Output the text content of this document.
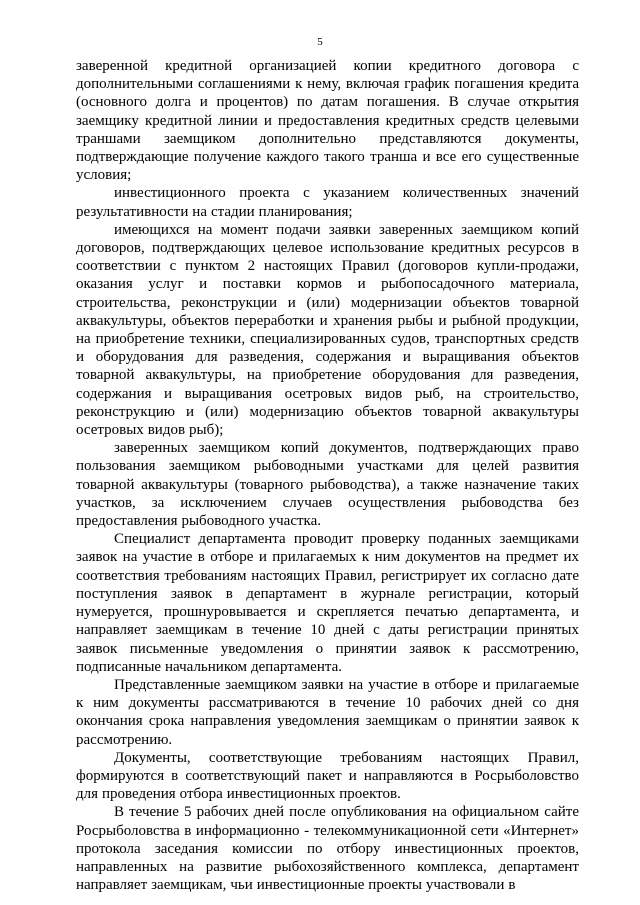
5

заверенной кредитной организацией копии кредитного договора с дополнительными соглашениями к нему, включая график погашения кредита (основного долга и процентов) по датам погашения. В случае открытия заемщику кредитной линии и предоставления кредитных средств целевыми траншами заемщиком дополнительно представляются документы, подтверждающие получение каждого такого транша и все его существенные условия;

инвестиционного проекта с указанием количественных значений результативности на стадии планирования;

имеющихся на момент подачи заявки заверенных заемщиком копий договоров, подтверждающих целевое использование кредитных ресурсов в соответствии с пунктом 2 настоящих Правил (договоров купли-продажи, оказания услуг и поставки кормов и рыбопосадочного материала, строительства, реконструкции и (или) модернизации объектов товарной аквакультуры, объектов переработки и хранения рыбы и рыбной продукции, на приобретение техники, специализированных судов, транспортных средств и оборудования для разведения, содержания и выращивания объектов товарной аквакультуры, на приобретение оборудования для разведения, содержания и выращивания осетровых видов рыб, на строительство, реконструкцию и (или) модернизацию объектов товарной аквакультуры осетровых видов рыб);

заверенных заемщиком копий документов, подтверждающих право пользования заемщиком рыбоводными участками для целей развития товарной аквакультуры (товарного рыбоводства), а также назначение таких участков, за исключением случаев осуществления рыбоводства без предоставления рыбоводного участка.

Специалист департамента проводит проверку поданных заемщиками заявок на участие в отборе и прилагаемых к ним документов на предмет их соответствия требованиям настоящих Правил, регистрирует их согласно дате поступления заявок в департамент в журнале регистрации, который нумеруется, прошнуровывается и скрепляется печатью департамента, и направляет заемщикам в течение 10 дней с даты регистрации принятых заявок письменные уведомления о принятии заявок к рассмотрению, подписанные начальником департамента.

Представленные заемщиком заявки на участие в отборе и прилагаемые к ним документы рассматриваются в течение 10 рабочих дней со дня окончания срока направления уведомления заемщикам о принятии заявок к рассмотрению.

Документы, соответствующие требованиям настоящих Правил, формируются в соответствующий пакет и направляются в Росрыболовство для проведения отбора инвестиционных проектов.

В течение 5 рабочих дней после опубликования на официальном сайте Росрыболовства в информационно - телекоммуникационной сети «Интернет» протокола заседания комиссии по отбору инвестиционных проектов, направленных на развитие рыбохозяйственного комплекса, департамент направляет заемщикам, чьи инвестиционные проекты участвовали в
